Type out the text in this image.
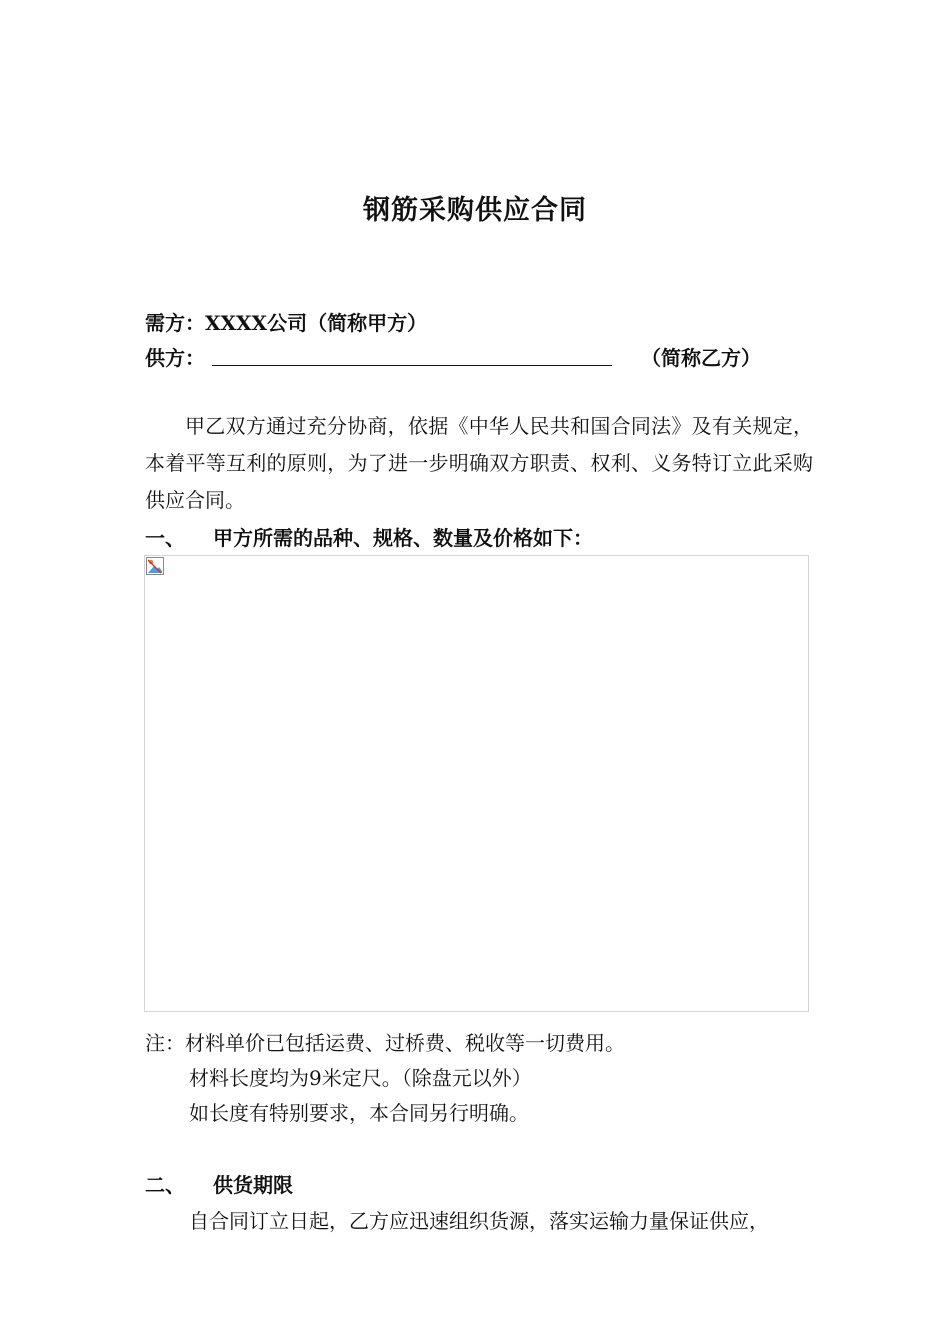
钢筋采购供应合同
需方：XXXX公司（简称甲方）
供方：	（简称乙方）
甲乙双方通过充分协商，依据《中华人民共和国合同法》及有关规定，本着平等互利的原则，为了进一步明确双方职责、权利、义务特订立此采购供应合同。
一、 甲方所需的品种、规格、数量及价格如下：
注：材料单价已包括运费、过桥费、税收等一切费用。
材料长度均为9米定尺。（除盘元以外）
如长度有特别要求，本合同另行明确。
二、 供货期限
自合同订立日起，乙方应迅速组织货源，落实运输力量保证供应，
